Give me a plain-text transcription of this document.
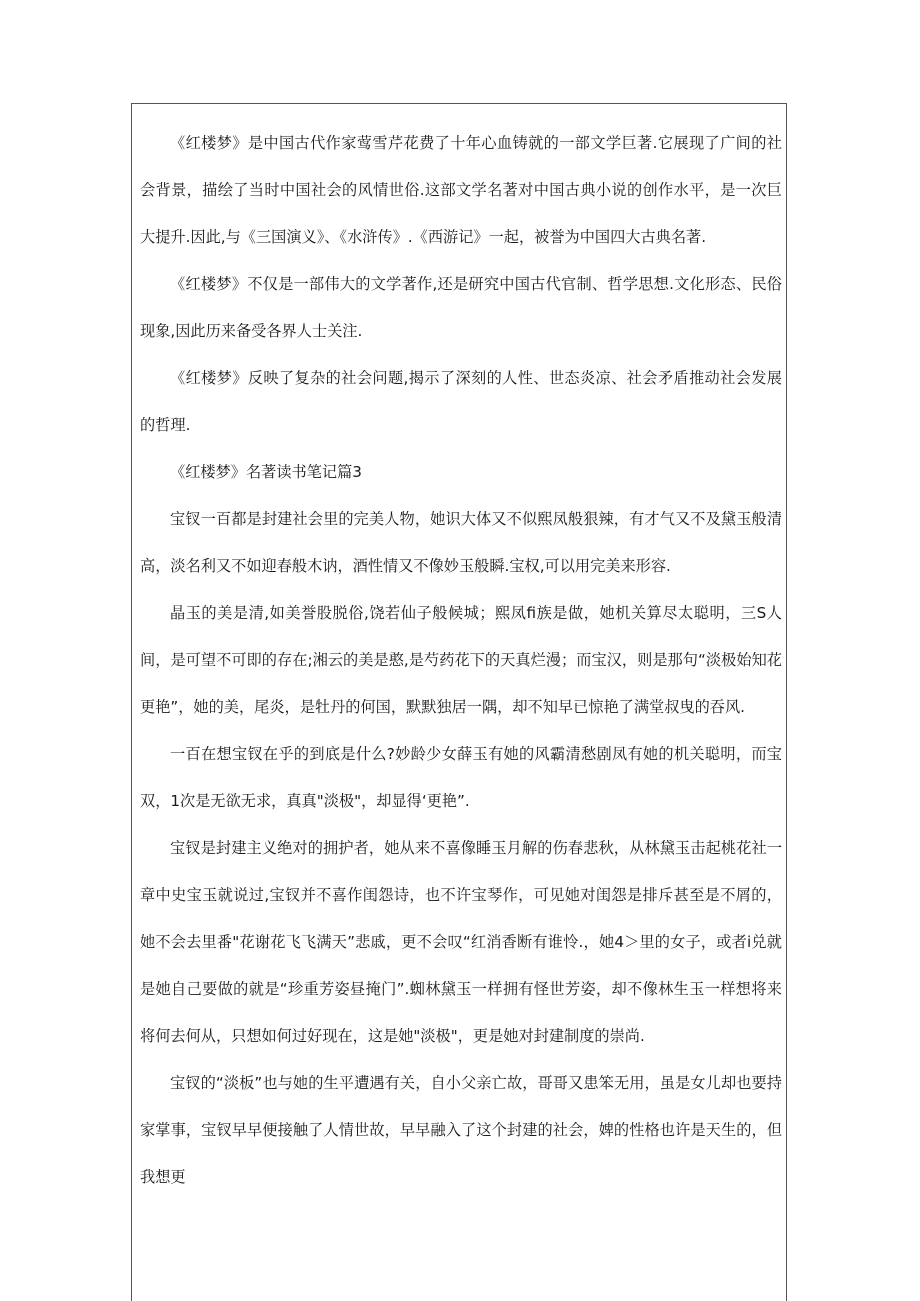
《红楼梦》是中国古代作家莺雪芹花费了十年心血铸就的一部文学巨著.它展现了广间的社会背景，描绘了当时中国社会的风情世俗.这部文学名著对中国古典小说的创作水平，是一次巨大提升.因此,与《三国演义》、《水浒传》.《西游记》一起，被誉为中国四大古典名著.

《红楼梦》不仅是一部伟大的文学著作,还是研究中国古代官制、哲学思想.文化形态、民俗现象,因此历来备受各界人士关注.

《红楼梦》反映了复杂的社会问题,揭示了深刻的人性、世态炎凉、社会矛盾推动社会发展的哲理.

《红楼梦》名著读书笔记篇3

宝钗一百都是封建社会里的完美人物，她识大体又不似熙凤般狠辣，有才气又不及黛玉般清高，淡名利又不如迎春般木讷，酒性情又不像妙玉般瞬.宝权,可以用完美来形容.

晶玉的美是清,如美誉股脱俗,饶若仙子般候城；熙凤fi族是做，她机关算尽太聪明，三S人间，是可望不可即的存在;湘云的美是憨,是芍药花下的天真烂漫；而宝汉，则是那句“淡极始知花更艳”，她的美，尾炎，是牡丹的何国，默默独居一隅，却不知早已惊艳了满堂叔曳的吞风.

一百在想宝钗在乎的到底是什么?妙龄少女薛玉有她的风霸清愁剧凤有她的机关聪明，而宝双，1次是无欲无求，真真"淡极"，却显得‘更艳”.

宝钗是封建主义绝对的拥护者，她从来不喜像睡玉月解的伤春悲秋，从林黛玉击起桃花社一章中史宝玉就说过,宝钗并不喜作闺怨诗，也不许宝琴作，可见她对闺怨是排斥甚至是不屑的，她不会去里番"花谢花飞飞满天”悲戚，更不会叹“红消香断有谁怜.，她4＞里的女子，或者i兑就是她自己要做的就是“珍重芳姿昼掩门”.蜘林黛玉一样拥有怪世芳姿，却不像林生玉一样想将来将何去何从，只想如何过好现在，这是她"淡极"，更是她对封建制度的崇尚.

宝钗的“淡板”也与她的生平遭遇有关，自小父亲亡故，哥哥又患笨无用，虽是女儿却也要持家掌事，宝钗早早便接触了人情世故，早早融入了这个封建的社会，婢的性格也许是天生的，但我想更
